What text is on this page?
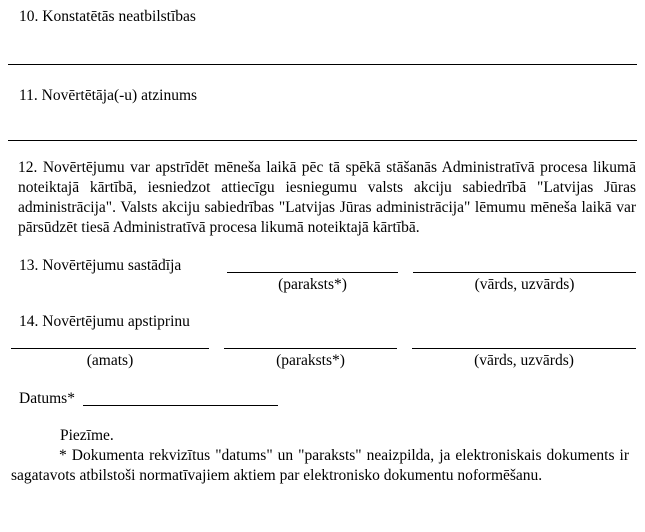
10. Konstatētās neatbilstības
11. Novērtētāja(-u) atzinums
12. Novērtējumu var apstrīdēt mēneša laikā pēc tā spēkā stāšanās Administratīvā procesa likumā noteiktajā kārtībā, iesniedzot attiecīgu iesniegumu valsts akciju sabiedrībā "Latvijas Jūras administrācija". Valsts akciju sabiedrības "Latvijas Jūras administrācija" lēmumu mēneša laikā var pārsūdzēt tiesā Administratīvā procesa likumā noteiktajā kārtībā.
13. Novērtējumu sastādīja
(paraksts*)	(vārds, uzvārds)
14. Novērtējumu apstiprinu
(amats)	(paraksts*)	(vārds, uzvārds)
Datums*
Piezīme.
* Dokumenta rekvizītus "datums" un "paraksts" neaizpilda, ja elektroniskais dokuments ir sagatavots atbilstoši normatīvajiem aktiem par elektronisko dokumentu noformēšanu.
